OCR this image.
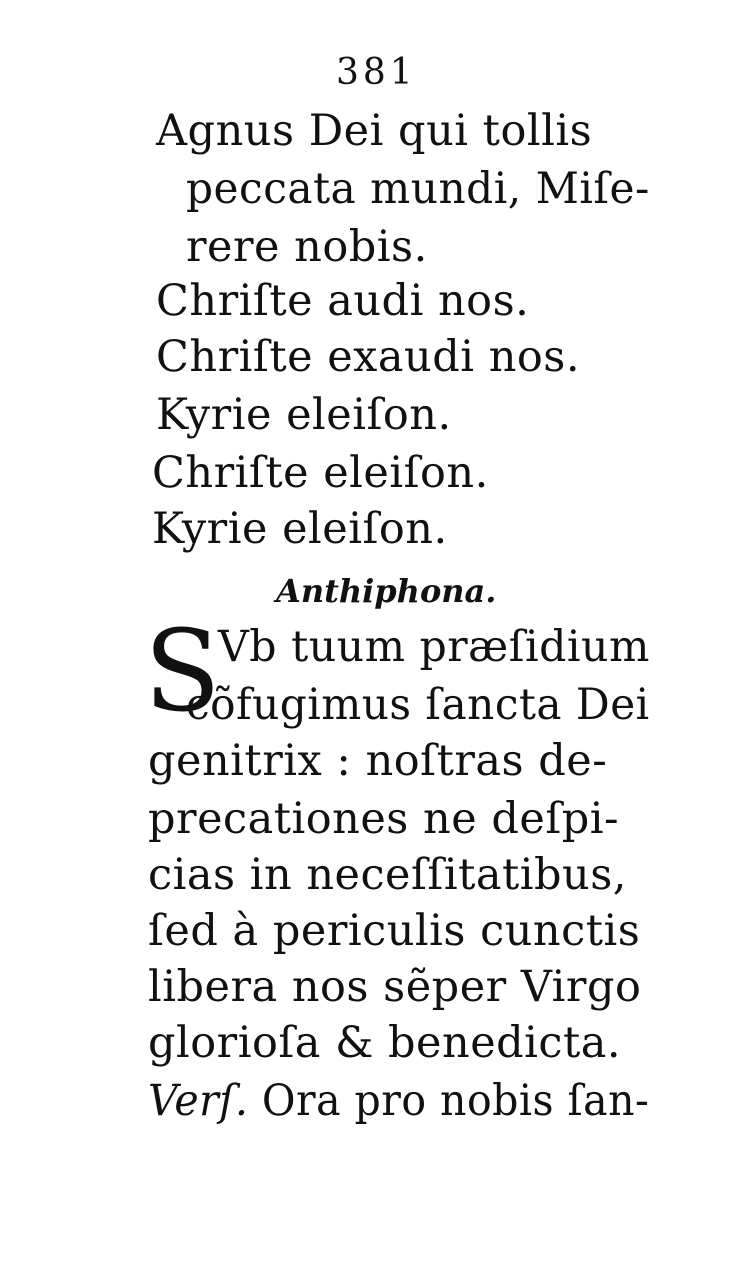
381
Agnus Dei qui tollis
peccata mundi, Miſe-
rere nobis.
Chriſte audi nos.
Chriſte exaudi nos.
Kyrie eleiſon.
Chriſte eleiſon.
Kyrie eleiſon.
Anthiphona.
S
Vb tuum præſidium
cõfugimus ſancta Dei
genitrix : noſtras de-
precationes ne deſpi-
cias in neceſſitatibus,
ſed à periculis cunctis
libera nos sẽper Virgo
glorioſa & benedicta.
Verſ. Ora pro nobis ſan-
